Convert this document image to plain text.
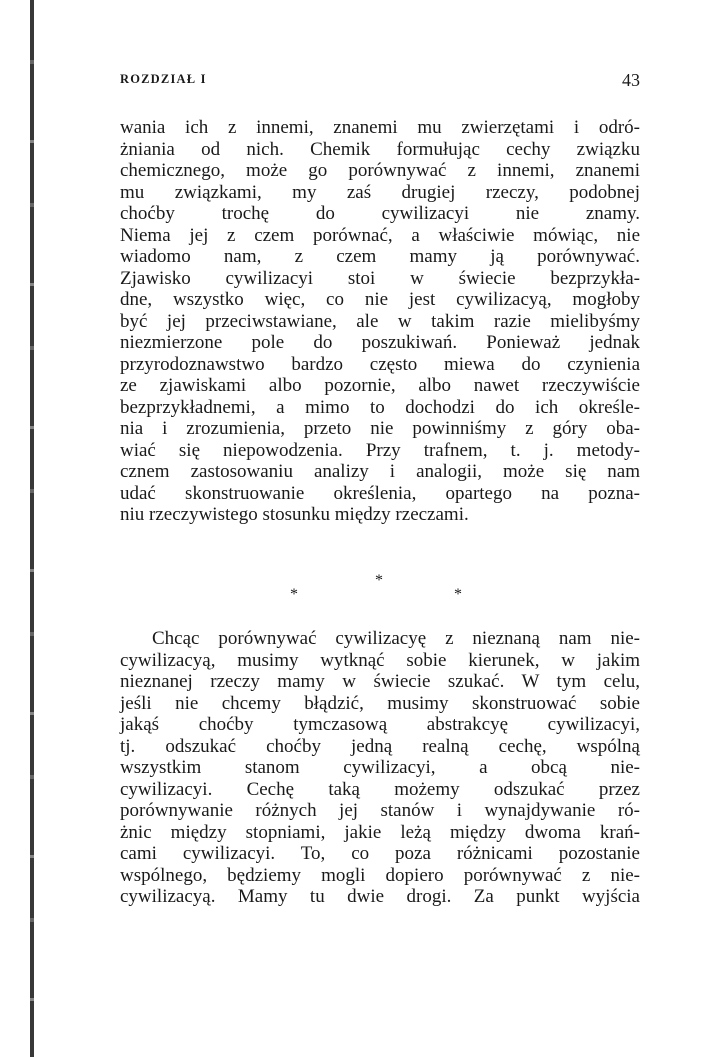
ROZDZIAŁ I	43
wania ich z innemi, znanemi mu zwierzętami i odró-
żniania od nich. Chemik formułując cechy związku
chemicznego, może go porównywać z innemi, znanemi
mu związkami, my zaś drugiej rzeczy, podobnej
choćby trochę do cywilizacyi nie znamy.
Niema jej z czem porównać, a właściwie mówiąc, nie
wiadomo nam, z czem mamy ją porównywać.
Zjawisko cywilizacyi stoi w świecie bezprzykła-
dne, wszystko więc, co nie jest cywilizacyą, mogłoby
być jej przeciwstawiane, ale w takim razie mielibyśmy
niezmierzone pole do poszukiwań. Ponieważ jednak
przyrodoznawstwo bardzo często miewa do czynienia
ze zjawiskami albo pozornie, albo nawet rzeczywiście
bezprzykładnemi, a mimo to dochodzi do ich określe-
nia i zrozumienia, przeto nie powinniśmy z góry oba-
wiać się niepowodzenia. Przy trafnem, t. j. metody-
cznem zastosowaniu analizy i analogii, może się nam
udać skonstruowanie określenia, opartego na pozna-
niu rzeczywistego stosunku między rzeczami.
*
*	*
Chcąc porównywać cywilizacyę z nieznaną nam nie-
cywilizacyą, musimy wytknąć sobie kierunek, w jakim
nieznanej rzeczy mamy w świecie szukać. W tym celu,
jeśli nie chcemy błądzić, musimy skonstruować sobie
jakąś choćby tymczasową abstrakcyę cywilizacyi,
tj. odszukać choćby jedną realną cechę, wspólną
wszystkim stanom cywilizacyi, a obcą nie-
cywilizacyi. Cechę taką możemy odszukać przez
porównywanie różnych jej stanów i wynajdywanie ró-
żnic między stopniami, jakie leżą między dwoma krań-
cami cywilizacyi. To, co poza różnicami pozostanie
wspólnego, będziemy mogli dopiero porównywać z nie-
cywilizacyą. Mamy tu dwie drogi. Za punkt wyjścia
